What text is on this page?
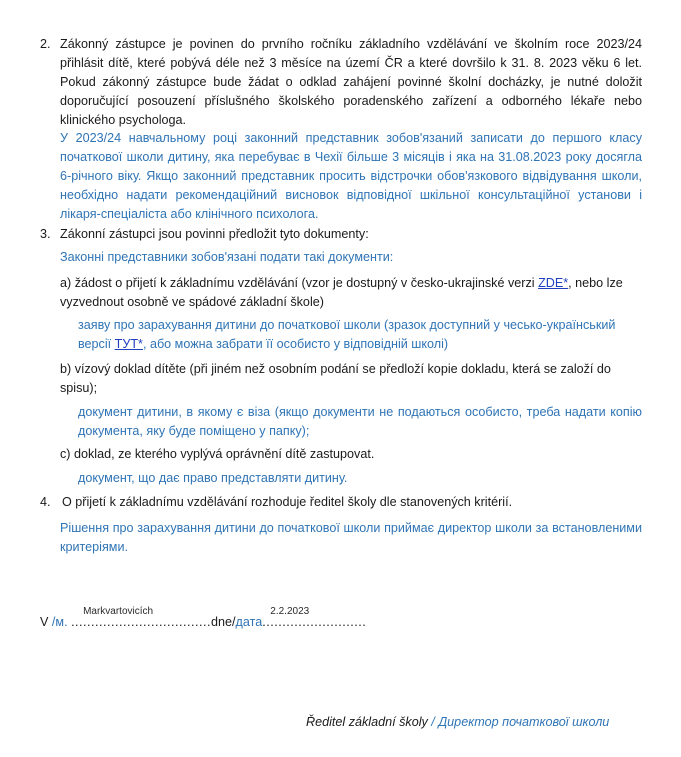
2. Zákonný zástupce je povinen do prvního ročníku základního vzdělávání ve školním roce 2023/24 přihlásit dítě, které pobývá déle než 3 měsíce na území ČR a které dovršilo k 31. 8. 2023 věku 6 let. Pokud zákonný zástupce bude žádat o odklad zahájení povinné školní docházky, je nutné doložit doporučující posouzení příslušného školského poradenského zařízení a odborného lékaře nebo klinického psychologa.
У 2023/24 навчальному році законний представник зобов'язаний записати до першого класу початкової школи дитину, яка перебуває в Чехії більше 3 місяців і яка на 31.08.2023 року досягла 6-річного віку. Якщо законний представник просить відстрочки обов'язкового відвідування школи, необхідно надати рекомендаційний висновок відповідної шкільної консультаційної установи і лікаря-спеціаліста або клінічного психолога.
3. Zákonní zástupci jsou povinni předložit tyto dokumenty:
Законні представники зобов'язані подати такі документи:
a) žádost o přijetí k základnímu vzdělávání (vzor je dostupný v česko-ukrajinské verzi ZDE*, nebo lze vyzvednout osobně ve spádové základní škole)
заяву про зарахування дитини до початкової школи (зразок доступний у чесько-український версії ТУТ*, або можна забрати її особисто у відповідній школі)
b) vízový doklad dítěte (při jiném než osobním podání se předloží kopie dokladu, která se založí do spisu);
документ дитини, в якому є віза (якщо документи не подаються особисто, треба надати копію документа, яку буде поміщено у папку);
c) doklad, ze kterého vyplývá oprávnění dítě zastupovat.
документ, що дає право представляти дитину.
4. O přijetí k základnímu vzdělávání rozhoduje ředitel školy dle stanovených kritérií.
Рішення про зарахування дитини до початкової школи приймає директор школи за встановленими критеріями.
V /м. ...................................
Markvartovicích
dne/дата..........................
2.2.2023
Ředitel základní školy / Директор початкової школи
